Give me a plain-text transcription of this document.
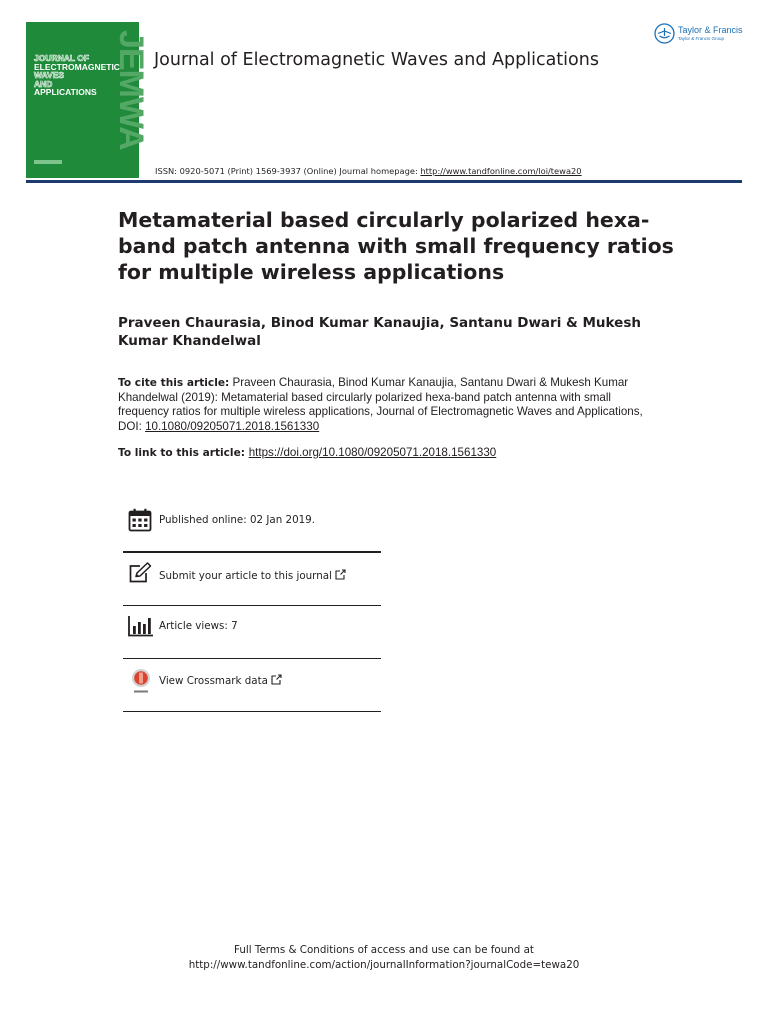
JOURNAL OF
ELECTROMAGNETIC
WAVES
AND
APPLICATIONS JEMWA Journal of Electromagnetic Waves and Applications
ISSN: 0920-5071 (Print) 1569-3937 (Online) Journal homepage: http://www.tandfonline.com/loi/tewa20
Taylor & Francis
Taylor & Francis Group
Metamaterial based circularly polarized hexa-band patch antenna with small frequency ratios for multiple wireless applications
Praveen Chaurasia, Binod Kumar Kanaujia, Santanu Dwari & Mukesh Kumar Khandelwal
To cite this article: Praveen Chaurasia, Binod Kumar Kanaujia, Santanu Dwari & Mukesh Kumar Khandelwal (2019): Metamaterial based circularly polarized hexa-band patch antenna with small frequency ratios for multiple wireless applications, Journal of Electromagnetic Waves and Applications, DOI: 10.1080/09205071.2018.1561330
To link to this article: https://doi.org/10.1080/09205071.2018.1561330
Published online: 02 Jan 2019.
Submit your article to this journal
Article views: 7
View Crossmark data
Full Terms & Conditions of access and use can be found at
http://www.tandfonline.com/action/journalInformation?journalCode=tewa20
